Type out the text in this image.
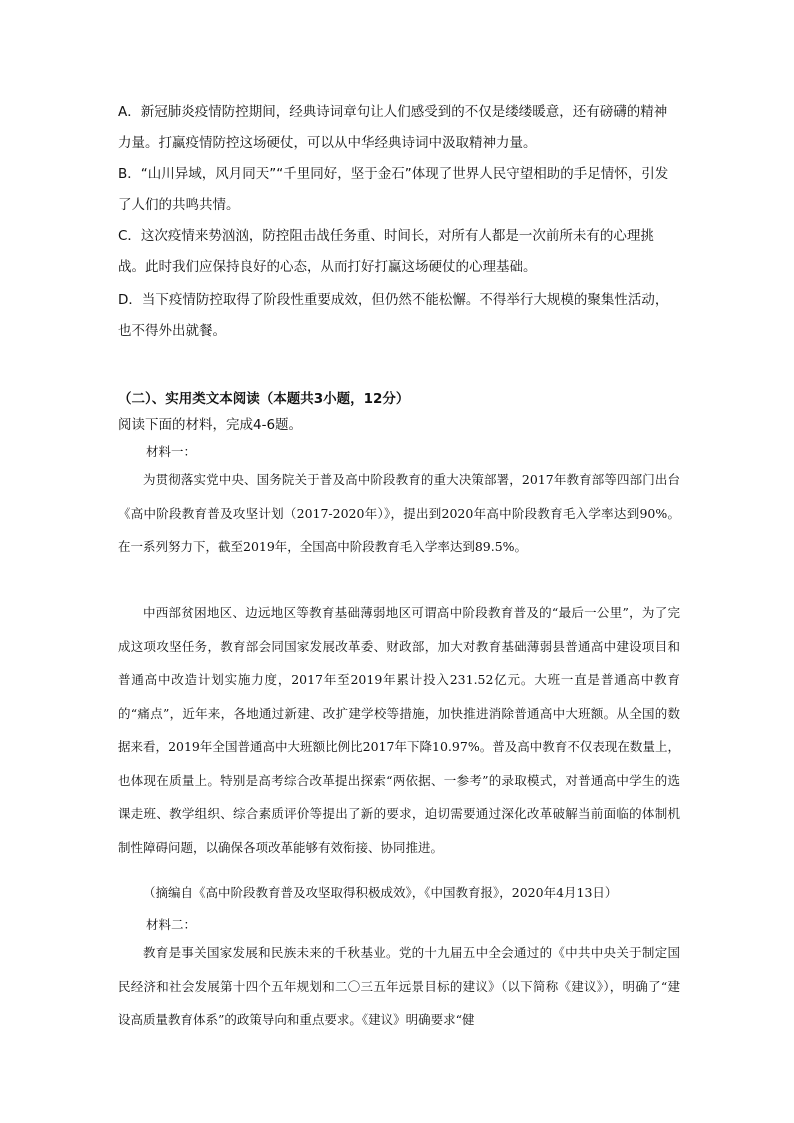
A．新冠肺炎疫情防控期间，经典诗词章句让人们感受到的不仅是缕缕暖意，还有磅礴的精神力量。打赢疫情防控这场硬仗，可以从中华经典诗词中汲取精神力量。
B．“山川异域，风月同天”“千里同好，坚于金石”体现了世界人民守望相助的手足情怀，引发了人们的共鸣共情。
C．这次疫情来势汹汹，防控阻击战任务重、时间长，对所有人都是一次前所未有的心理挑战。此时我们应保持良好的心态，从而打好打赢这场硬仗的心理基础。
D．当下疫情防控取得了阶段性重要成效，但仍然不能松懈。不得举行大规模的聚集性活动，也不得外出就餐。
（二）、实用类文本阅读（本题共3小题，12分）
阅读下面的材料，完成4-6题。
材料一：
为贯彻落实党中央、国务院关于普及高中阶段教育的重大决策部署，2017年教育部等四部门出台《高中阶段教育普及攻坚计划（2017-2020年）》，提出到2020年高中阶段教育毛入学率达到90%。在一系列努力下，截至2019年，全国高中阶段教育毛入学率达到89.5%。
中西部贫困地区、边远地区等教育基础薄弱地区可谓高中阶段教育普及的“最后一公里”，为了完成这项攻坚任务，教育部会同国家发展改革委、财政部，加大对教育基础薄弱县普通高中建设项目和普通高中改造计划实施力度，2017年至2019年累计投入231.52亿元。大班一直是普通高中教育的“痛点”，近年来，各地通过新建、改扩建学校等措施，加快推进消除普通高中大班额。从全国的数据来看，2019年全国普通高中大班额比例比2017年下降10.97%。普及高中教育不仅表现在数量上，也体现在质量上。特别是高考综合改革提出探索“两依据、一参考”的录取模式，对普通高中学生的选课走班、教学组织、综合素质评价等提出了新的要求，迫切需要通过深化改革破解当前面临的体制机制性障碍问题，以确保各项改革能够有效衔接、协同推进。
（摘编自《高中阶段教育普及攻坚取得积极成效》，《中国教育报》，2020年4月13日）
材料二：
教育是事关国家发展和民族未来的千秋基业。党的十九届五中全会通过的《中共中央关于制定国民经济和社会发展第十四个五年规划和二〇三五年远景目标的建议》（以下简称《建议》），明确了“建设高质量教育体系”的政策导向和重点要求。《建议》明确要求“健
